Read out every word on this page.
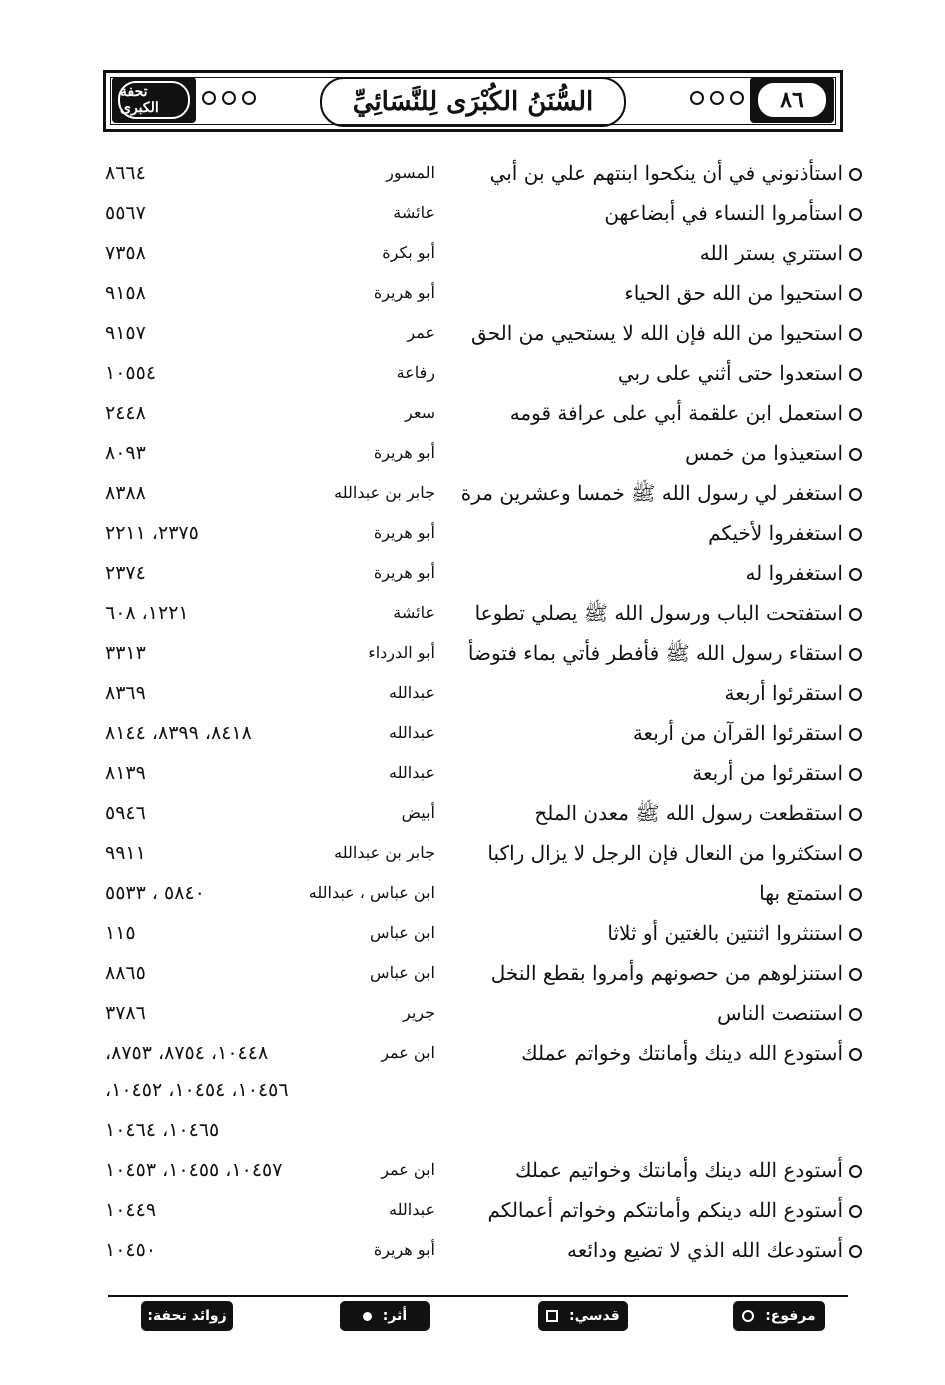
تحفة الكبرى	السُّنَنُ الكُبْرَى لِلنَّسَائِيِّ	٨٦
استأذنوني في أن ينكحوا ابنتهم علي بن أبي
المسور
٨٦٦٤
استأمروا النساء في أبضاعهن
عائشة
٥٥٦٧
استتري بستر الله
أبو بكرة
٧٣٥٨
استحيوا من الله حق الحياء
أبو هريرة
٩١٥٨
استحيوا من الله فإن الله لا يستحيي من الحق
عمر
٩١٥٧
استعدوا حتى أثني على ربي
رفاعة
١٠٥٥٤
استعمل ابن علقمة أبي على عرافة قومه
سعر
٢٤٤٨
استعيذوا من خمس
أبو هريرة
٨٠٩٣
استغفر لي رسول الله ﷺ خمسا وعشرين مرة
جابر بن عبدالله
٨٣٨٨
استغفروا لأخيكم
أبو هريرة
٢٣٧٥، ٢٢١١
استغفروا له
أبو هريرة
٢٣٧٤
استفتحت الباب ورسول الله ﷺ يصلي تطوعا
عائشة
١٢٢١، ٦٠٨
استقاء رسول الله ﷺ فأفطر فأتي بماء فتوضأ
أبو الدرداء
٣٣١٣
استقرئوا أربعة
عبدالله
٨٣٦٩
استقرئوا القرآن من أربعة
عبدالله
٨٤١٨، ٨٣٩٩، ٨١٤٤
استقرئوا من أربعة
عبدالله
٨١٣٩
استقطعت رسول الله ﷺ معدن الملح
أبيض
٥٩٤٦
استكثروا من النعال فإن الرجل لا يزال راكبا
جابر بن عبدالله
٩٩١١
استمتع بها
ابن عباس ، عبدالله
٥٨٤٠ ، ٥٥٣٣
استنثروا اثنتين بالغتين أو ثلاثا
ابن عباس
١١٥
استنزلوهم من حصونهم وأمروا بقطع النخل
ابن عباس
٨٨٦٥
استنصت الناس
جرير
٣٧٨٦
أستودع الله دينك وأمانتك وخواتم عملك
ابن عمر
١٠٤٤٨، ٨٧٥٤، ٨٧٥٣،
أستودع الله دينك وأمانتك وخواتيم عملك
ابن عمر
١٠٤٥٧، ١٠٤٥٥، ١٠٤٥٣
أستودع الله دينكم وأمانتكم وخواتم أعمالكم
عبدالله
١٠٤٤٩
أستودعك الله الذي لا تضيع ودائعه
أبو هريرة
١٠٤٥٠
١٠٤٥٦، ١٠٤٥٤، ١٠٤٥٢،
١٠٤٦٥، ١٠٤٦٤
مرفوع:
قدسي:
أثر:
زوائد تحفة: ※
